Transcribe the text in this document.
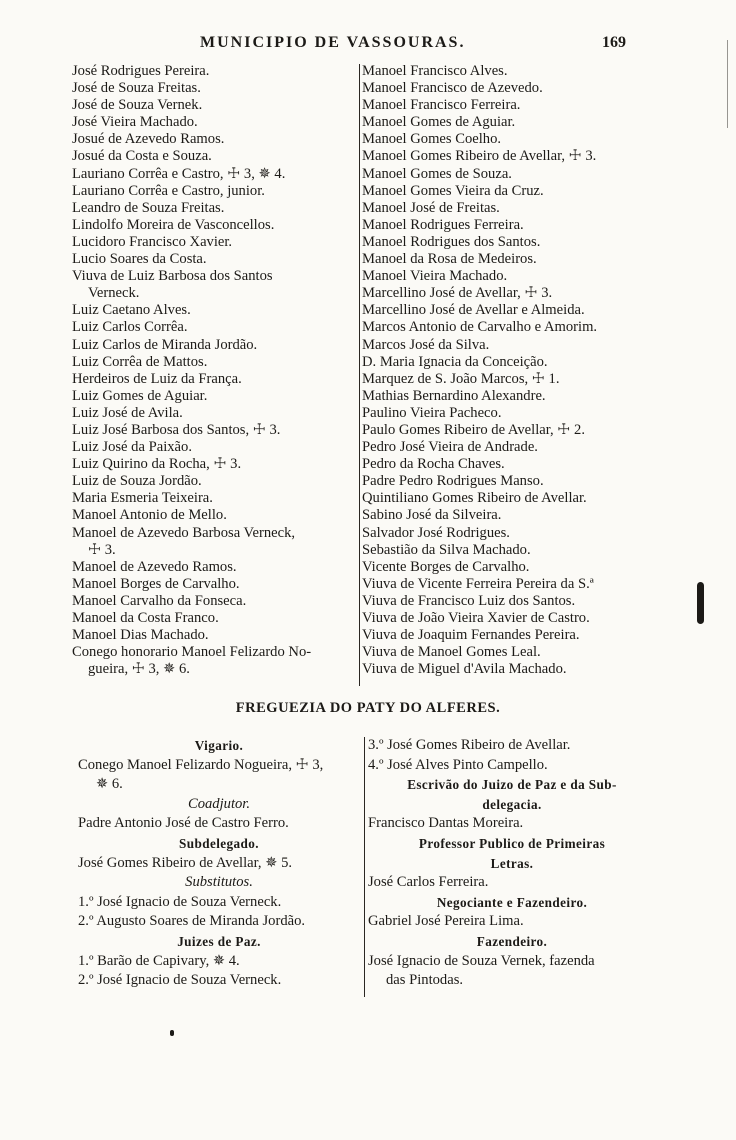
MUNICIPIO DE VASSOURAS.	169
José Rodrigues Pereira.
José de Souza Freitas.
José de Souza Vernek.
José Vieira Machado.
Josué de Azevedo Ramos.
Josué da Costa e Souza.
Lauriano Corrêa e Castro, ☩ 3, ✵ 4.
Lauriano Corrêa e Castro, junior.
Leandro de Souza Freitas.
Lindolfo Moreira de Vasconcellos.
Lucidoro Francisco Xavier.
Lucio Soares da Costa.
Viuva de Luiz Barbosa dos Santos
Verneck.
Luiz Caetano Alves.
Luiz Carlos Corrêa.
Luiz Carlos de Miranda Jordão.
Luiz Corrêa de Mattos.
Herdeiros de Luiz da França.
Luiz Gomes de Aguiar.
Luiz José de Avila.
Luiz José Barbosa dos Santos, ☩ 3.
Luiz José da Paixão.
Luiz Quirino da Rocha, ☩ 3.
Luiz de Souza Jordão.
Maria Esmeria Teixeira.
Manoel Antonio de Mello.
Manoel de Azevedo Barbosa Verneck,
☩ 3.
Manoel de Azevedo Ramos.
Manoel Borges de Carvalho.
Manoel Carvalho da Fonseca.
Manoel da Costa Franco.
Manoel Dias Machado.
Conego honorario Manoel Felizardo No-
gueira, ☩ 3, ✵ 6.
Manoel Francisco Alves.
Manoel Francisco de Azevedo.
Manoel Francisco Ferreira.
Manoel Gomes de Aguiar.
Manoel Gomes Coelho.
Manoel Gomes Ribeiro de Avellar, ☩ 3.
Manoel Gomes de Souza.
Manoel Gomes Vieira da Cruz.
Manoel José de Freitas.
Manoel Rodrigues Ferreira.
Manoel Rodrigues dos Santos.
Manoel da Rosa de Medeiros.
Manoel Vieira Machado.
Marcellino José de Avellar, ☩ 3.
Marcellino José de Avellar e Almeida.
Marcos Antonio de Carvalho e Amorim.
Marcos José da Silva.
D. Maria Ignacia da Conceição.
Marquez de S. João Marcos, ☩ 1.
Mathias Bernardino Alexandre.
Paulino Vieira Pacheco.
Paulo Gomes Ribeiro de Avellar, ☩ 2.
Pedro José Vieira de Andrade.
Pedro da Rocha Chaves.
Padre Pedro Rodrigues Manso.
Quintiliano Gomes Ribeiro de Avellar.
Sabino José da Silveira.
Salvador José Rodrigues.
Sebastião da Silva Machado.
Vicente Borges de Carvalho.
Viuva de Vicente Ferreira Pereira da S.ª
Viuva de Francisco Luiz dos Santos.
Viuva de João Vieira Xavier de Castro.
Viuva de Joaquim Fernandes Pereira.
Viuva de Manoel Gomes Leal.
Viuva de Miguel d'Avila Machado.
FREGUEZIA DO PATY DO ALFERES.
Vigario.
Conego Manoel Felizardo Nogueira, ☩ 3,
✵ 6.
Coadjutor.
Padre Antonio José de Castro Ferro.
Subdelegado.
José Gomes Ribeiro de Avellar, ✵ 5.
Substitutos.
1.º José Ignacio de Souza Verneck.
2.º Augusto Soares de Miranda Jordão.
Juizes de Paz.
1.º Barão de Capivary, ✵ 4.
2.º José Ignacio de Souza Verneck.
3.º José Gomes Ribeiro de Avellar.
4.º José Alves Pinto Campello.
Escrivão do Juizo de Paz e da Sub-
delegacia.
Francisco Dantas Moreira.
Professor Publico de Primeiras
Letras.
José Carlos Ferreira.
Negociante e Fazendeiro.
Gabriel José Pereira Lima.
Fazendeiro.
José Ignacio de Souza Vernek, fazenda
das Pintodas.
